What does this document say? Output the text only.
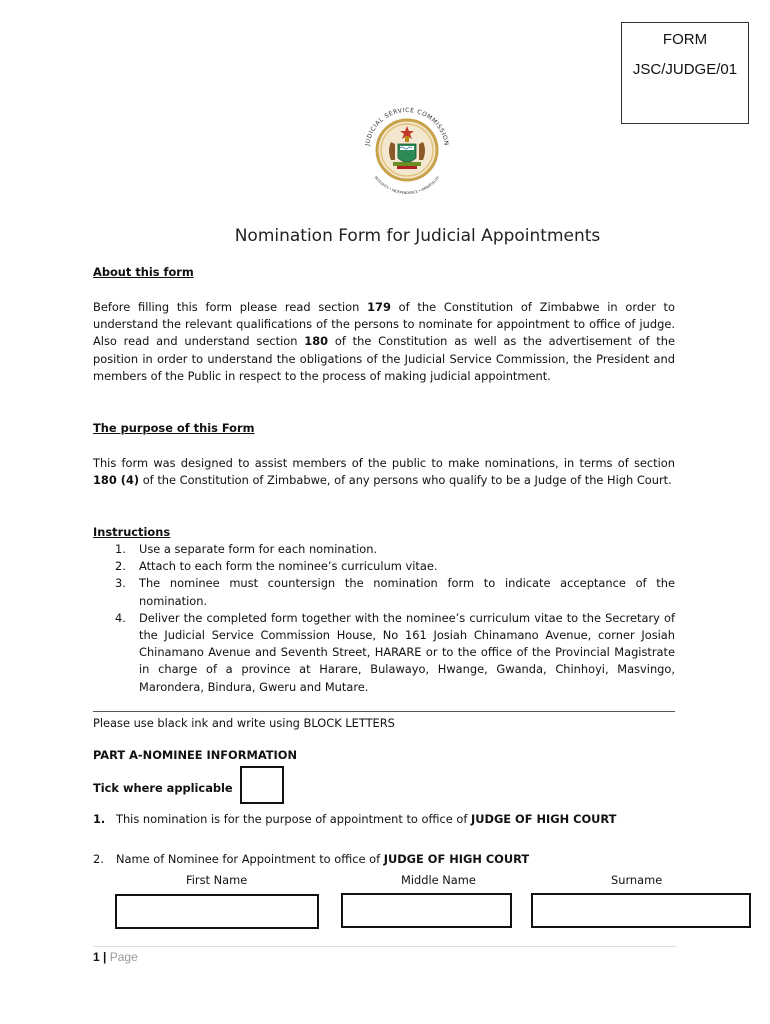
FORM
JSC/JUDGE/01
JUDICIAL SERVICE COMMISSION
INTEGRITY • INDEPENDENCE • IMPARTIALITY
Nomination Form for Judicial Appointments
About this form
Before filling this form please read section 179 of the Constitution of Zimbabwe in order to understand the relevant qualifications of the persons to nominate for appointment to office of judge. Also read and understand section 180 of the Constitution as well as the advertisement of the position in order to understand the obligations of the Judicial Service Commission, the President and members of the Public in respect to the process of making judicial appointment.
The purpose of this Form
This form was designed to assist members of the public to make nominations, in terms of section 180 (4) of the Constitution of Zimbabwe, of any persons who qualify to be a Judge of the High Court.
Instructions
1. Use a separate form for each nomination.
2. Attach to each form the nominee’s curriculum vitae.
3. The nominee must countersign the nomination form to indicate acceptance of the nomination.
4. Deliver the completed form together with the nominee’s curriculum vitae to the Secretary of the Judicial Service Commission House, No 161 Josiah Chinamano Avenue, corner Josiah Chinamano Avenue and Seventh Street, HARARE or to the office of the Provincial Magistrate in charge of a province at Harare, Bulawayo, Hwange, Gwanda, Chinhoyi, Masvingo, Marondera, Bindura, Gweru and Mutare.
Please use black ink and write using BLOCK LETTERS
PART A-NOMINEE INFORMATION
Tick where applicable
1. This nomination is for the purpose of appointment to office of JUDGE OF HIGH COURT
2. Name of Nominee for Appointment to office of JUDGE OF HIGH COURT
First Name	Middle Name	Surname
1 | Page
